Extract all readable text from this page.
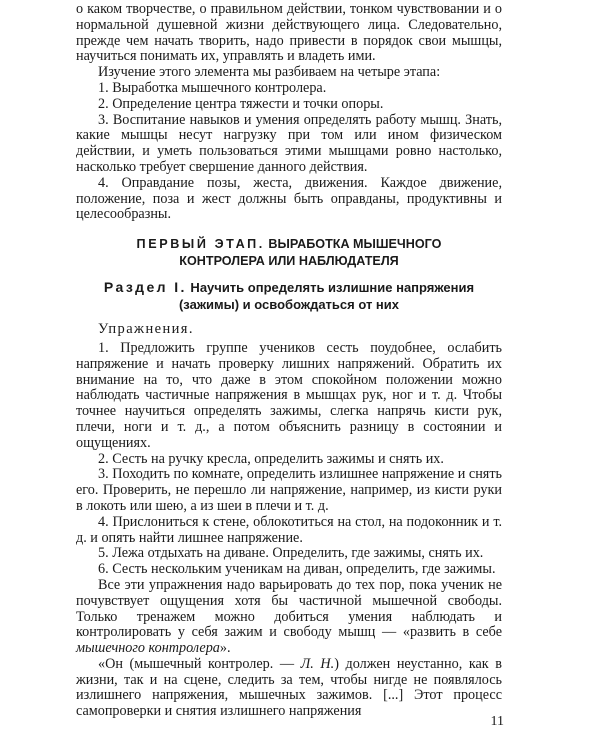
о каком творчестве, о правильном действии, тонком чувствовании и о нормальной душевной жизни действующего лица. Следовательно, прежде чем начать творить, надо привести в порядок свои мышцы, научиться понимать их, управлять и владеть ими.

Изучение этого элемента мы разбиваем на четыре этапа:

1. Выработка мышечного контролера.

2. Определение центра тяжести и точки опоры.

3. Воспитание навыков и умения определять работу мышц. Знать, какие мышцы несут нагрузку при том или ином физическом действии, и уметь пользоваться этими мышцами ровно настолько, насколько требует свершение данного действия.

4. Оправдание позы, жеста, движения. Каждое движение, положение, поза и жест должны быть оправданы, продуктивны и целесообразны.

ПЕРВЫЙ ЭТАП. ВЫРАБОТКА МЫШЕЧНОГО
КОНТРОЛЕРА ИЛИ НАБЛЮДАТЕЛЯ
Раздел I. Научить определять излишние напряжения
(зажимы) и освобождаться от них

Упражнения.

1. Предложить группе учеников сесть поудобнее, ослабить напряжение и начать проверку лишних напряжений. Обратить их внимание на то, что даже в этом спокойном положении можно наблюдать частичные напряжения в мышцах рук, ног и т. д. Чтобы точнее научиться определять зажимы, слегка напрячь кисти рук, плечи, ноги и т. д., а потом объяснить разницу в состоянии и ощущениях.

2. Сесть на ручку кресла, определить зажимы и снять их.

3. Походить по комнате, определить излишнее напряжение и снять его. Проверить, не перешло ли напряжение, например, из кисти руки в локоть или шею, а из шеи в плечи и т. д.

4. Прислониться к стене, облокотиться на стол, на подоконник и т. д. и опять найти лишнее напряжение.

5. Лежа отдыхать на диване. Определить, где зажимы, снять их.

6. Сесть нескольким ученикам на диван, определить, где зажимы.

Все эти упражнения надо варьировать до тех пор, пока ученик не почувствует ощущения хотя бы частичной мышечной свободы. Только тренажем можно добиться умения наблюдать и контролировать у себя зажим и свободу мышц — «развить в себе мышечного контролера».

«Он (мышечный контролер. — Л. Н.) должен неустанно, как в жизни, так и на сцене, следить за тем, чтобы нигде не появлялось излишнего напряжения, мышечных зажимов. [...] Этот процесс самопроверки и снятия излишнего напряжения

11
